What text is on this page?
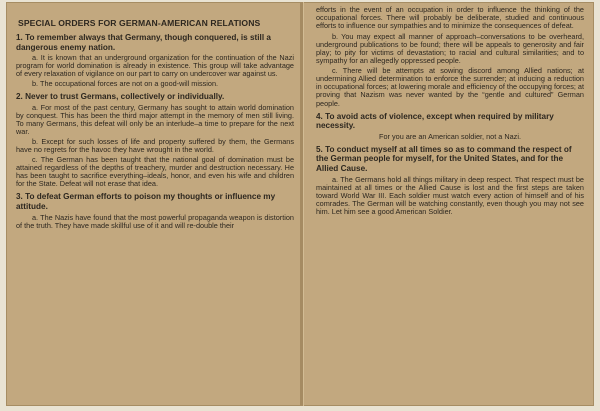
SPECIAL ORDERS FOR GERMAN-AMERICAN RELATIONS
1. To remember always that Germany, though conquered, is still a dangerous enemy nation.
a. It is known that an underground organization for the continuation of the Nazi program for world domination is already in existence. This group will take advantage of every relaxation of vigilance on our part to carry on undercover war against us.
b. The occupational forces are not on a good-will mission.
2. Never to trust Germans, collectively or individually.
a. For most of the past century, Germany has sought to attain world domination by conquest. This has been the third major attempt in the memory of men still living. To many Germans, this defeat will only be an interlude–a time to prepare for the next war.
b. Except for such losses of life and property suffered by them, the Germans have no regrets for the havoc they have wrought in the world.
c. The German has been taught that the national goal of domination must be attained regardless of the depths of treachery, murder and destruction necessary. He has been taught to sacrifice everything–ideals, honor, and even his wife and children for the State. Defeat will not erase that idea.
3. To defeat German efforts to poison my thoughts or influence my attitude.
a. The Nazis have found that the most powerful propaganda weapon is distortion of the truth. They have made skillful use of it and will re-double their
efforts in the event of an occupation in order to influence the thinking of the occupational forces. There will probably be deliberate, studied and continuous efforts to influence our sympathies and to minimize the consequences of defeat.
b. You may expect all manner of approach–conversations to be overheard, underground publications to be found; there will be appeals to generosity and fair play; to pity for victims of devastation; to racial and cultural similarities; and to sympathy for an allegedly oppressed people.
c. There will be attempts at sowing discord among Allied nations; at undermining Allied determination to enforce the surrender; at inducing a reduction in occupational forces; at lowering morale and efficiency of the occupying forces; at proving that Nazism was never wanted by the “gentle and cultured” German people.
4. To avoid acts of violence, except when required by military necessity.
For you are an American soldier, not a Nazi.
5. To conduct myself at all times so as to command the respect of the German people for myself, for the United States, and for the Allied Cause.
a. The Germans hold all things military in deep respect. That respect must be maintained at all times or the Allied Cause is lost and the first steps are taken toward World War III. Each soldier must watch every action of himself and of his comrades. The German will be watching constantly, even though you may not see him. Let him see a good American Soldier.
